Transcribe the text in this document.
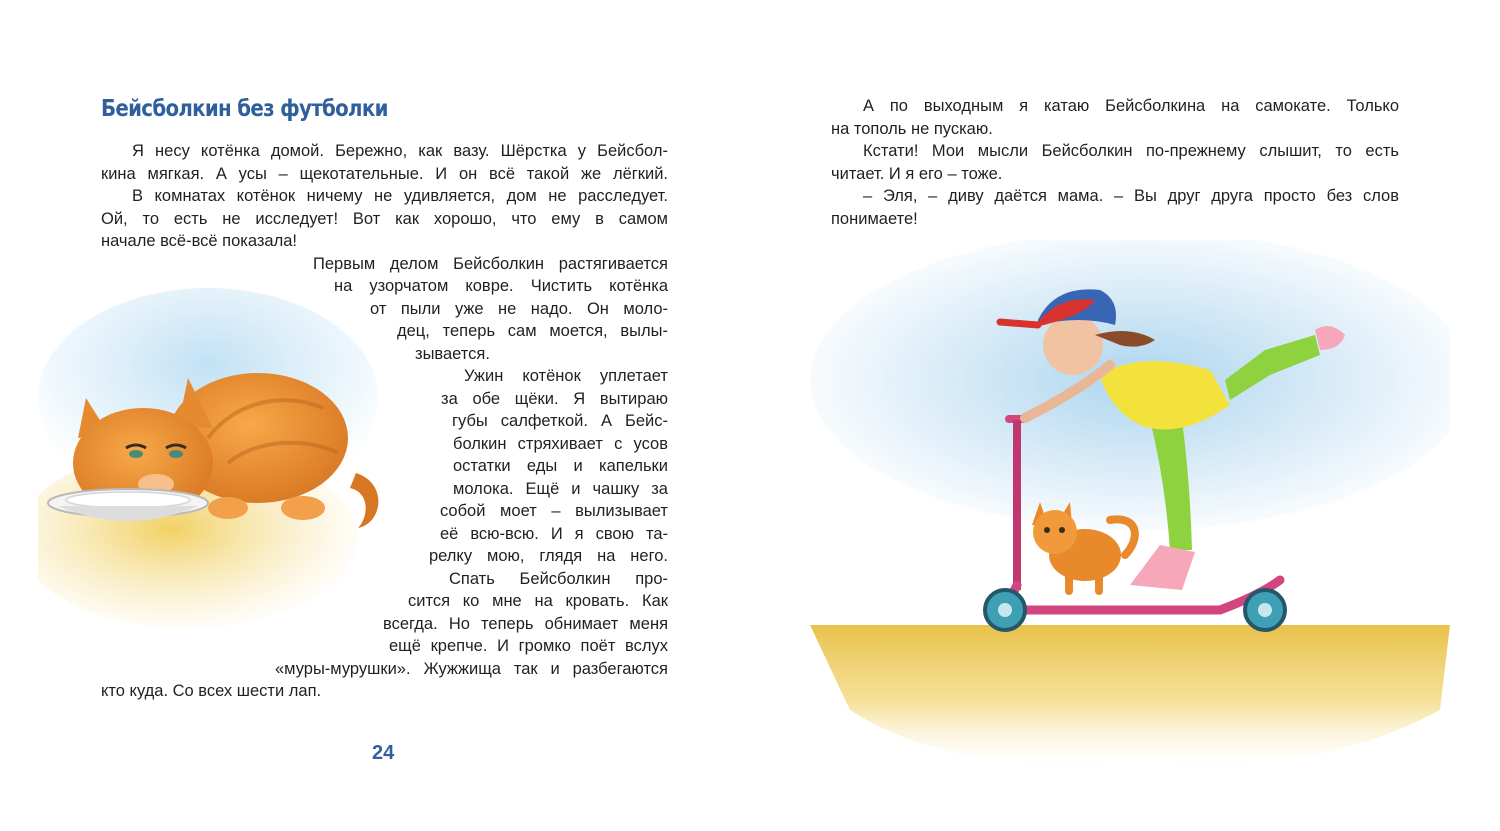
Бейсболкин без футболки
Я несу котёнка домой. Бережно, как вазу. Шёрстка у Бейсбол-
кина мягкая. А усы – щекотательные. И он всё такой же лёгкий.
В комнатах котёнок ничему не удивляется, дом не расследует.
Ой, то есть не исследует! Вот как хорошо, что ему в самом
начале всё-всё показала!
Первым делом Бейсболкин растягивается
на узорчатом ковре. Чистить котёнка
от пыли уже не надо. Он моло-
дец, теперь сам моется, вылы-
зывается.
Ужин котёнок уплетает
за обе щёки. Я вытираю
губы салфеткой. А Бейс-
болкин стряхивает с усов
остатки еды и капельки
молока. Ещё и чашку за
собой моет – вылизывает
её всю-всю. И я свою та-
релку мою, глядя на него.
Спать Бейсболкин про-
сится ко мне на кровать. Как
всегда. Но теперь обнимает меня
ещё крепче. И громко поёт вслух
«муры-мурушки». Жужжища так и разбегаются
кто куда. Со всех шести лап.
24
А по выходным я катаю Бейсболкина на самокате. Только
на тополь не пускаю.
Кстати! Мои мысли Бейсболкин по-прежнему слышит, то есть
читает. И я его – тоже.
– Эля, – диву даётся мама. – Вы друг друга просто без слов
понимаете!
